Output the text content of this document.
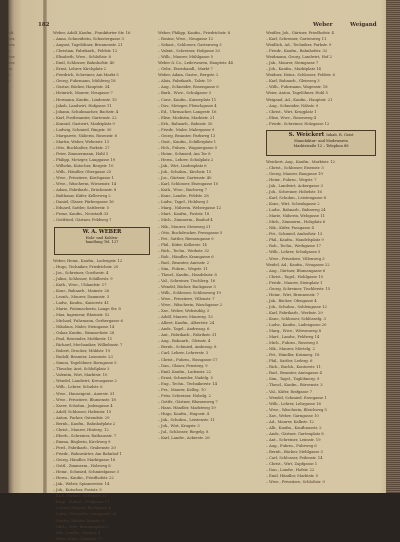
-dt.
ber,
ber,
r,
ber,
ber,
er,
r,
r,
182	Weber	Weigand
Weber, Adolf, Kaufm., Frankfurter Str. 16
– Anna, Schneiderin, Schustergasse 3
– August, Tagelöhner, Brunnenstr. 21
– Christian, Fabrikarb., Feldstr. 12
– Elisabeth, Wwe., Schloßstr. 8
– Emil, Schlosser, Bahnhofstr. 40
– Ernst, Lehrer, Kirchplatz 2
– Friedrich, Schreiner, Am Markt 5
– Georg, Fuhrmann, Mühlweg 18
– Gustav, Bäcker, Hauptstr. 34
– Heinrich, Maurer, Neugasse 7
– Hermann, Kaufm., Lindenstr. 15
– Jakob, Landwirt, Hofgasse 11
– Johann, Schuhmacher, Bachstr. 4
– Karl, Postbeamter, Gartenstr. 22
– Konrad, Gastwirt, Marktplatz 9
– Ludwig, Schmied, Ringstr. 30
– Margarete, Näherin, Rosenstr. 6
– Martin, Weber, Weberstr. 13
– Otto, Buchhalter, Parkstr. 27
– Peter, Zimmermann, Hohl 3
– Philipp, Metzger, Langgasse 19
– Wilhelm, Kutscher, Bergstr. 10
– Wilh., Händler, Obergasse 25
– Wwe., Privatiere, Kirchgasse 1
– Wwe., Wäscherin, Wiesenstr. 14
– Adam, Fabrikarb., Brückenstr. 8
– Balthasar, Küfer, Kellerweg 2
– Daniel, Glaser, Färbergasse 16
– Eduard, Sattler, Sattlerstr. 5
– Franz, Kaufm., Neustadt 33
– Gottfried, Gärtner, Feldweg 7
W. A. WEBER
Holz- und Kohlen-
handlung Tel. 127
Weber, Heinr., Kaufm., Ludwigstr. 12
– Hugo, Techniker, Friedrichstr. 20
– Jos., Schreiner, Goethestr. 4
– Julius, Schlosser, Schillerstr. 9
– Kath., Wwe., Uhlandstr. 17
– Konr., Bahnarb., Mainstr. 26
– Leonh., Maurer, Dammstr. 3
– Ludw., Kaufm., Kaiserstr. 41
– Marie, Putzmacherin, Lange Str. 8
– Max, Ingenieur, Rheinstr. 52
– Michael, Fuhrmann, Gerbergasse 6
– Nikolaus, Maler, Steingasse 14
– Oskar, Kaufm., Bismarckstr. 28
– Paul, Reisender, Moltkestr. 11
– Richard, Mechaniker, Wilhelmstr. 7
– Robert, Drucker, Mühlstr. 19
– Rudolf, Beamter, Luisenstr. 23
– Simon, Tagelöhner, Borngasse 5
– Theodor, Arzt, Schloßplatz 3
– Valentin, Wirt, Marktstr. 10
– Wendel, Landwirt, Kreuzgasse 2
– Wilh., Lehrer, Schulstr. 6
– Wwe., Hauseigent., Auerstr. 31
– Wwe., Privatiere, Blumenstr. 18
– Xaver, Schuhm., Judengasse 4
– Adolf, Schlosser, Hafenstr. 15
– Anton, Packer, Ostendstr. 29
– Bernh., Kaufm., Bahnhofplatz 2
– Christ., Maurer, Hinterg. 12
– Eberh., Schreiner, Rathausstr. 7
– Emma, Büglerin, Kirchweg 9
– Ferd., Fabrikarb., Grabenstr. 20
– Friedr., Bahnwärter, Am Bahnhof 1
– Georg, Händler, Marktgasse 16
– Gottl., Zimmerm., Holzweg 8
– Heinr., Schmied, Schmiedgasse 3
– Herm., Kaufm., Friedhofstr. 22
– Jak., Weber, Spinnereistr. 14
– Joh., Kutscher, Poststr. 5
– Karl, Former, Hüttenstr. 37
– Kasp., Fuhrm., Feldgasse 11
– Lorenz, Maurer, Bachgasse 6
– Ludw., Schneider, Langgasse 24
– Martin, Bäcker, Ringstr. 9
– Mich., Wirt, Brunnenplatz 2
– Nik., Landw., Obertor 4
– Peter, Küfer, Untertor 17
Weber, Philipp, Kaufm., Friedrichstr. 8
– Rosine, Wwe., Neugasse 12
– Sebast., Schlosser, Gartenweg 3
– Valent., Schreiner, Hofgasse 20
– Wilh., Maurer, Mühlgasse 5
Weber & Co., Lederwaren, Hauptstr. 44
– Gebr., Eisenhandl., Markt 7
Weber, Adam, Gastw., Bergstr. 2
– Alois, Fabrikarb., Talstr. 19
– Aug., Schneider, Rosengasse 6
– Barb., Wwe., Schulgasse 3
– Conr., Kaufm., Kaiserplatz 11
– Dav., Metzger, Fleischgasse 4
– Ed., Uhrmacher, Langestr. 16
– Elise, Modistin, Marktstr. 21
– Erh., Bahnarb., Bahnstr. 30
– Friedr., Maler, Malergasse 9
– Georg, Beamter, Parkweg 13
– Gust., Kaufm., Schillerplatz 1
– Hch., Fuhrm., Wagnergasse 5
– Heinr., Schmied, Am Tor 8
– Herm., Lehrer, Schulplatz 2
– Jak., Wirt, Lindenplatz 6
– Joh., Schuhm., Kirchstr. 15
– Jos., Gärtner, Gartenstr. 40
– Karl, Schlosser, Eisengasse 10
– Kath., Wwe., Bachweg 7
– Konr., Landw., Feldstr. 28
– Ludw., Tagel., Hohlweg 3
– Marg., Näherin, Webergasse 12
– Mart., Kaufm., Poststr. 18
– Mich., Zimmerm., Bauhof 4
– Nik., Maurer, Steinweg 21
– Otto, Buchdrucker, Pressgasse 5
– Pet., Sattler, Riemengasse 9
– Phil., Küfer, Kellerstr. 14
– Rich., Techn., Werkstr. 32
– Rob., Händler, Kramgasse 6
– Rud., Beamter, Amtsstr. 2
– Sim., Fuhrm., Wegstr. 11
– Theod., Kaufm., Handelsstr. 8
– Val., Schreiner, Tischlerg. 16
– Wendel, Bäcker, Backgasse 3
– Wilh., Schlosser, Schlossweg 19
– Wwe., Privatiere, Villenstr. 7
– Wwe., Wäscherin, Waschgasse 2
– Xav., Weber, Webstuhlg. 5
– Adolf, Maurer, Maurerg. 13
– Albert, Kaufm., Albertstr. 24
– Andr., Tagel., Andreasg. 6
– Ant., Fabrikarb., Fabrikstr. 31
– Aug., Bahnarb., Gleisstr. 4
– Bernh., Schmied, Ambossg. 8
– Carl, Lehrer, Lehrerstr. 3
– Christ., Fuhrm., Rossgasse 17
– Dan., Glaser, Fensterg. 9
– Emil, Kaufm., Ladenstr. 22
– Ernst, Schneider, Nadelg. 5
– Eug., Techn., Technikerstr. 14
– Frz., Maurer, Kelleg. 10
– Fritz, Schreiner, Hobelg. 2
– Gottfr., Gärtner, Blumenweg 7
– Hans, Händler, Marktweg 19
– Hugo, Kaufm., Hugostr. 4
– Jak., Schuhm., Leistenstr. 11
– Joh., Wirt, Krugstr. 3
– Jul., Schlosser, Riegelg. 8
– Karl, Landw., Ackerstr. 26
Weidler, Joh., Gärtner, Friedhofstr. 4
– Karl, Schreiner, Gartenweg 11
Weidlich, Ad., Techniker, Parkstr. 9
– Friedr., Kaufm., Bahnhofstr. 32
Weidmann, Georg, Landwirt, Hof 2
– Jak., Maurer, Steingasse 7
– Joh., Kaufm., Marktplatz 14
Weidner, Heinr., Schlosser, Feldstr. 6
– Karl, Bahnarb., Gleisweg 3
– Wilh., Fuhrmann, Wagenstr. 18
Weier, Anton, Tagelöhner, Hohl 5
Weigand, Ad., Kaufm., Hauptstr. 21
– Aug., Schneider, Nähstr. 9
– Christ., Wirt, Krugplatz 1
– Elise, Wwe., Rosenweg 4
– Friedr., Schreiner, Holzgasse 12
S. Weickert Inhab. R. Geist
Manufaktur- und Modewaren
Marktstraße 12 – Telephon 88
Weickert, Aug., Kaufm., Marktstr. 12
– Christ., Schlosser, Eisenstr. 5
– Georg, Maurer, Baugasse 19
– Heinr., Fuhrm., Wegstr. 7
– Jak., Landwirt, Ackergasse 3
– Joh., Schreiner, Hobelstr. 16
– Karl, Schuhm., Leistengasse 8
– Konr., Wirt, Schenkgasse 2
– Ludw., Bahnarb., Bahnweg 24
– Marie, Näherin, Webgasse 11
– Mich., Zimmerm., Holzplatz 6
– Nik., Küfer, Fassgasse 4
– Pet., Schmied, Amboßstr. 13
– Phil., Kaufm., Handelsplatz 9
– Rob., Techn., Werkgasse 17
– Wilh., Lehrer, Schulgasse 5
– Wwe., Privatiere, Villenweg 3
Weidel, Ad., Kaufm., Neugasse 22
– Aug., Gärtner, Blumengasse 6
– Christ., Tagel., Hohlgasse 10
– Friedr., Maurer, Steinplatz 1
– Georg, Schreiner, Tischlerstr. 15
– Heinr., Wirt, Brunnenstr. 7
– Jak., Bäcker, Ofengasse 4
– Joh., Schuhm., Sohlengasse 12
– Karl, Fabrikarb., Werkstr. 29
– Konr., Schlosser, Schlüsselg. 3
– Ludw., Kaufm., Ladengasse 20
– Marg., Wwe., Witwenweg 8
– Mart., Landw., Feldweg 14
– Mich., Fuhrm., Rossweg 5
– Nik., Maurer, Mörtelg. 2
– Pet., Händler, Krämerg. 18
– Phil., Sattler, Lederg. 6
– Rich., Buchh., Kontorstr. 11
– Rud., Beamter, Amtsgasse 4
– Sim., Tagel., Taglöhnerg. 9
– Theod., Kaufm., Börsenstr. 3
– Val., Küfer, Reifgasse 7
– Wendel, Schmied, Essegasse 1
– Wilh., Lehrer, Lehrgasse 16
– Wwe., Wäscherin, Bleichweg 5
– Xav., Weber, Garngasse 10
– Ad., Maurer, Kalkstr. 12
– Alb., Kaufm., Kaufhausstr. 2
– Andr., Gärtner, Gartenplatz 8
– Ant., Schreiner, Leimstr. 19
– Aug., Fuhrm., Fuhrweg 6
– Bernh., Bäcker, Mehlgasse 3
– Carl, Schlosser, Feilenstr. 14
– Christ., Wirt, Zapfgasse 1
– Dan., Landw., Hofstr. 22
– Emil, Händler, Marktstr. 5
– Wwe., Privatiere, Schloßstr. 9
